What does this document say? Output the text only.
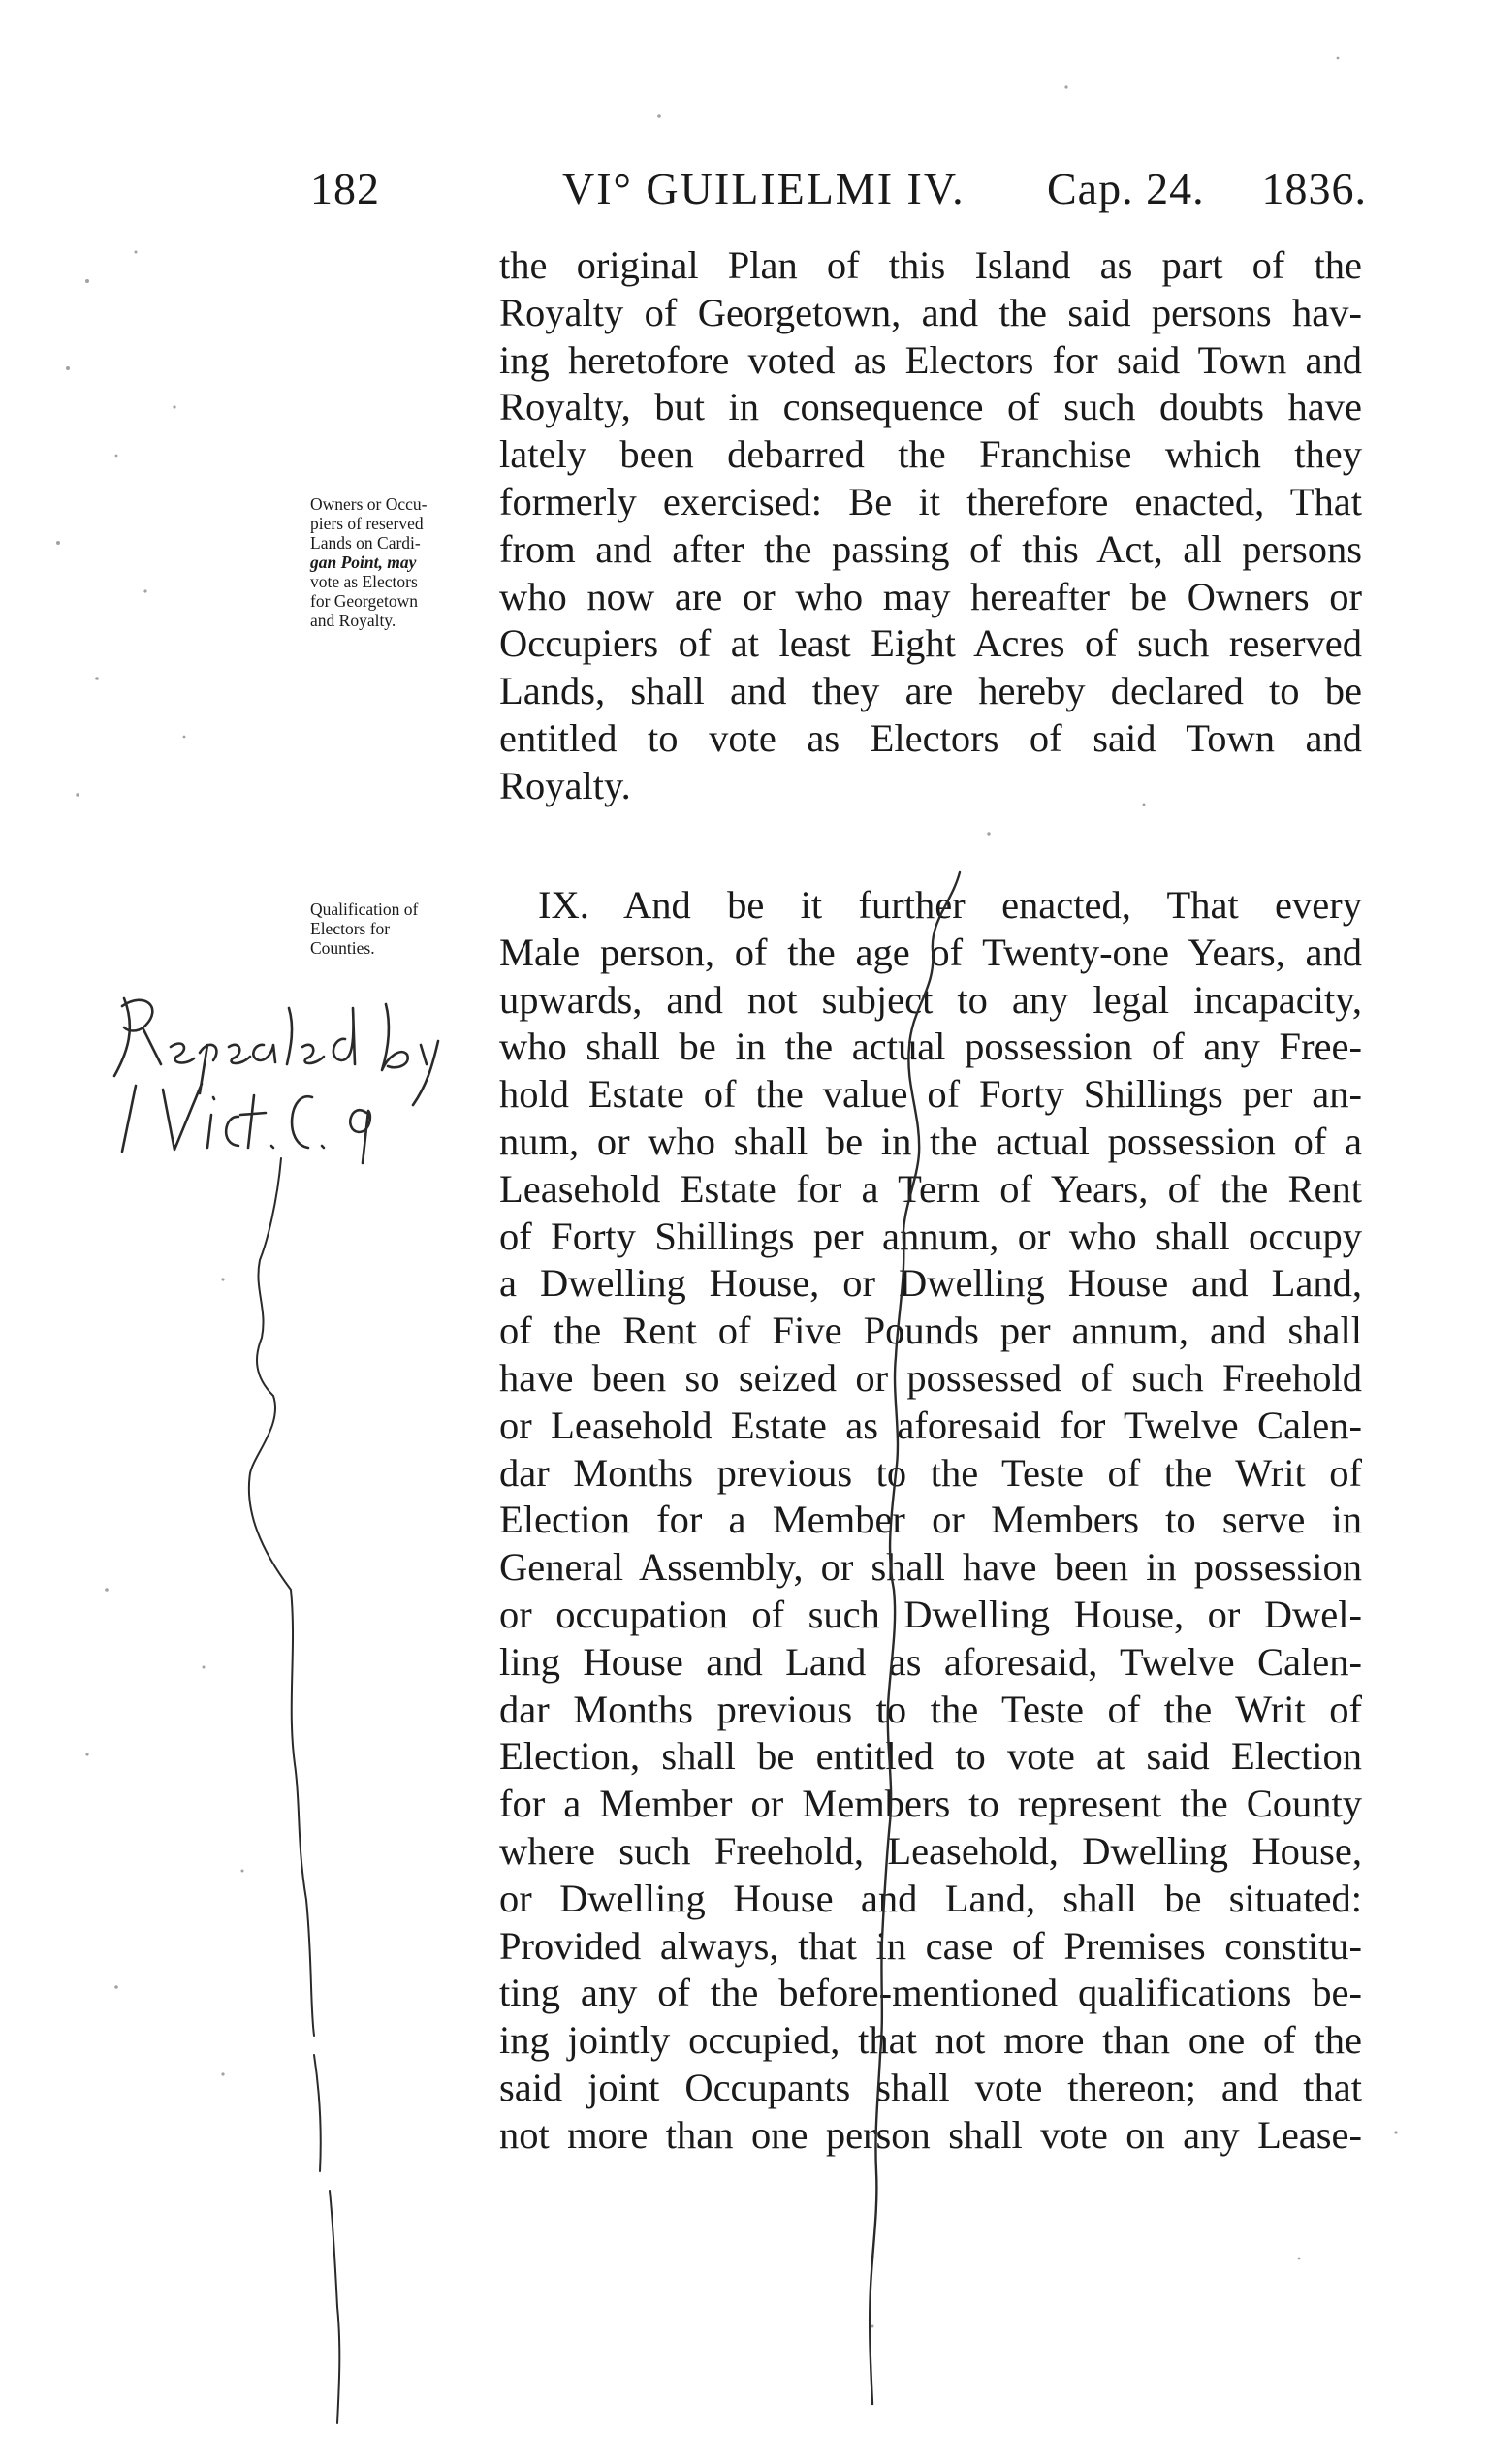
182	VI° GUILIELMI IV. Cap. 24. 1836.
Owners or Occu-
piers of reserved
Lands on Cardi-
gan Point, may
vote as Electors
for Georgetown
and Royalty.
Qualification of
Electors for
Counties.
the original Plan of this Island as part of the
Royalty of Georgetown, and the said persons hav-
ing heretofore voted as Electors for said Town and
Royalty, but in consequence of such doubts have
lately been debarred the Franchise which they
formerly exercised: Be it therefore enacted, That
from and after the passing of this Act, all persons
who now are or who may hereafter be Owners or
Occupiers of at least Eight Acres of such reserved
Lands, shall and they are hereby declared to be
entitled to vote as Electors of said Town and
Royalty.
IX. And be it further enacted, That every
Male person, of the age of Twenty-one Years, and
upwards, and not subject to any legal incapacity,
who shall be in the actual possession of any Free-
hold Estate of the value of Forty Shillings per an-
num, or who shall be in the actual possession of a
Leasehold Estate for a Term of Years, of the Rent
of Forty Shillings per annum, or who shall occupy
a Dwelling House, or Dwelling House and Land,
of the Rent of Five Pounds per annum, and shall
have been so seized or possessed of such Freehold
or Leasehold Estate as aforesaid for Twelve Calen-
dar Months previous to the Teste of the Writ of
Election for a Member or Members to serve in
General Assembly, or shall have been in possession
or occupation of such Dwelling House, or Dwel-
ling House and Land as aforesaid, Twelve Calen-
dar Months previous to the Teste of the Writ of
Election, shall be entitled to vote at said Election
for a Member or Members to represent the County
where such Freehold, Leasehold, Dwelling House,
or Dwelling House and Land, shall be situated:
Provided always, that in case of Premises constitu-
ting any of the before-mentioned qualifications be-
ing jointly occupied, that not more than one of the
said joint Occupants shall vote thereon; and that
not more than one person shall vote on any Lease-
